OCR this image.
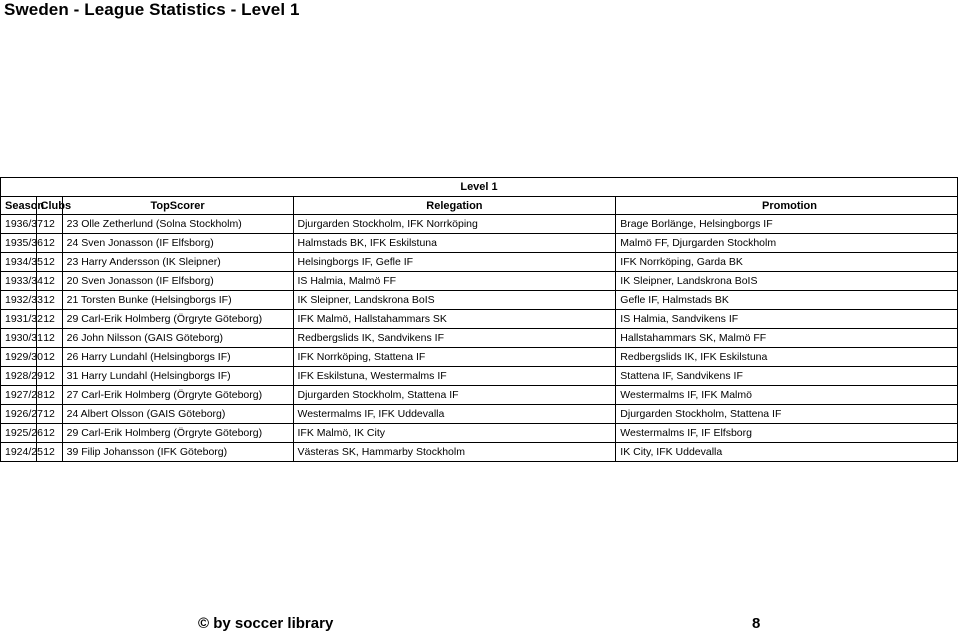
Sweden - League Statistics - Level 1
Level 1				
Season	Clubs	TopScorer	Relegation	Promotion
1936/37	12	23 Olle Zetherlund (Solna Stockholm)	Djurgarden Stockholm, IFK Norrköping	Brage Borlänge, Helsingborgs IF
1935/36	12	24 Sven Jonasson (IF Elfsborg)	Halmstads BK, IFK Eskilstuna	Malmö FF, Djurgarden Stockholm
1934/35	12	23 Harry Andersson (IK Sleipner)	Helsingborgs IF, Gefle IF	IFK Norrköping, Garda BK
1933/34	12	20 Sven Jonasson (IF Elfsborg)	IS Halmia, Malmö FF	IK Sleipner, Landskrona BoIS
1932/33	12	21 Torsten Bunke (Helsingborgs IF)	IK Sleipner, Landskrona BoIS	Gefle IF, Halmstads BK
1931/32	12	29 Carl-Erik Holmberg (Örgryte Göteborg)	IFK Malmö, Hallstahammars SK	IS Halmia, Sandvikens IF
1930/31	12	26 John Nilsson (GAIS Göteborg)	Redbergslids IK, Sandvikens IF	Hallstahammars SK, Malmö FF
1929/30	12	26 Harry Lundahl (Helsingborgs IF)	IFK Norrköping, Stattena IF	Redbergslids IK, IFK Eskilstuna
1928/29	12	31 Harry Lundahl (Helsingborgs IF)	IFK Eskilstuna, Westermalms IF	Stattena IF, Sandvikens IF
1927/28	12	27 Carl-Erik Holmberg (Örgryte Göteborg)	Djurgarden Stockholm, Stattena IF	Westermalms IF, IFK Malmö
1926/27	12	24 Albert Olsson (GAIS Göteborg)	Westermalms IF, IFK Uddevalla	Djurgarden Stockholm, Stattena IF
1925/26	12	29 Carl-Erik Holmberg (Örgryte Göteborg)	IFK Malmö, IK City	Westermalms IF, IF Elfsborg
1924/25	12	39 Filip Johansson (IFK Göteborg)	Västeras SK, Hammarby Stockholm	IK City, IFK Uddevalla
© by soccer library	8
